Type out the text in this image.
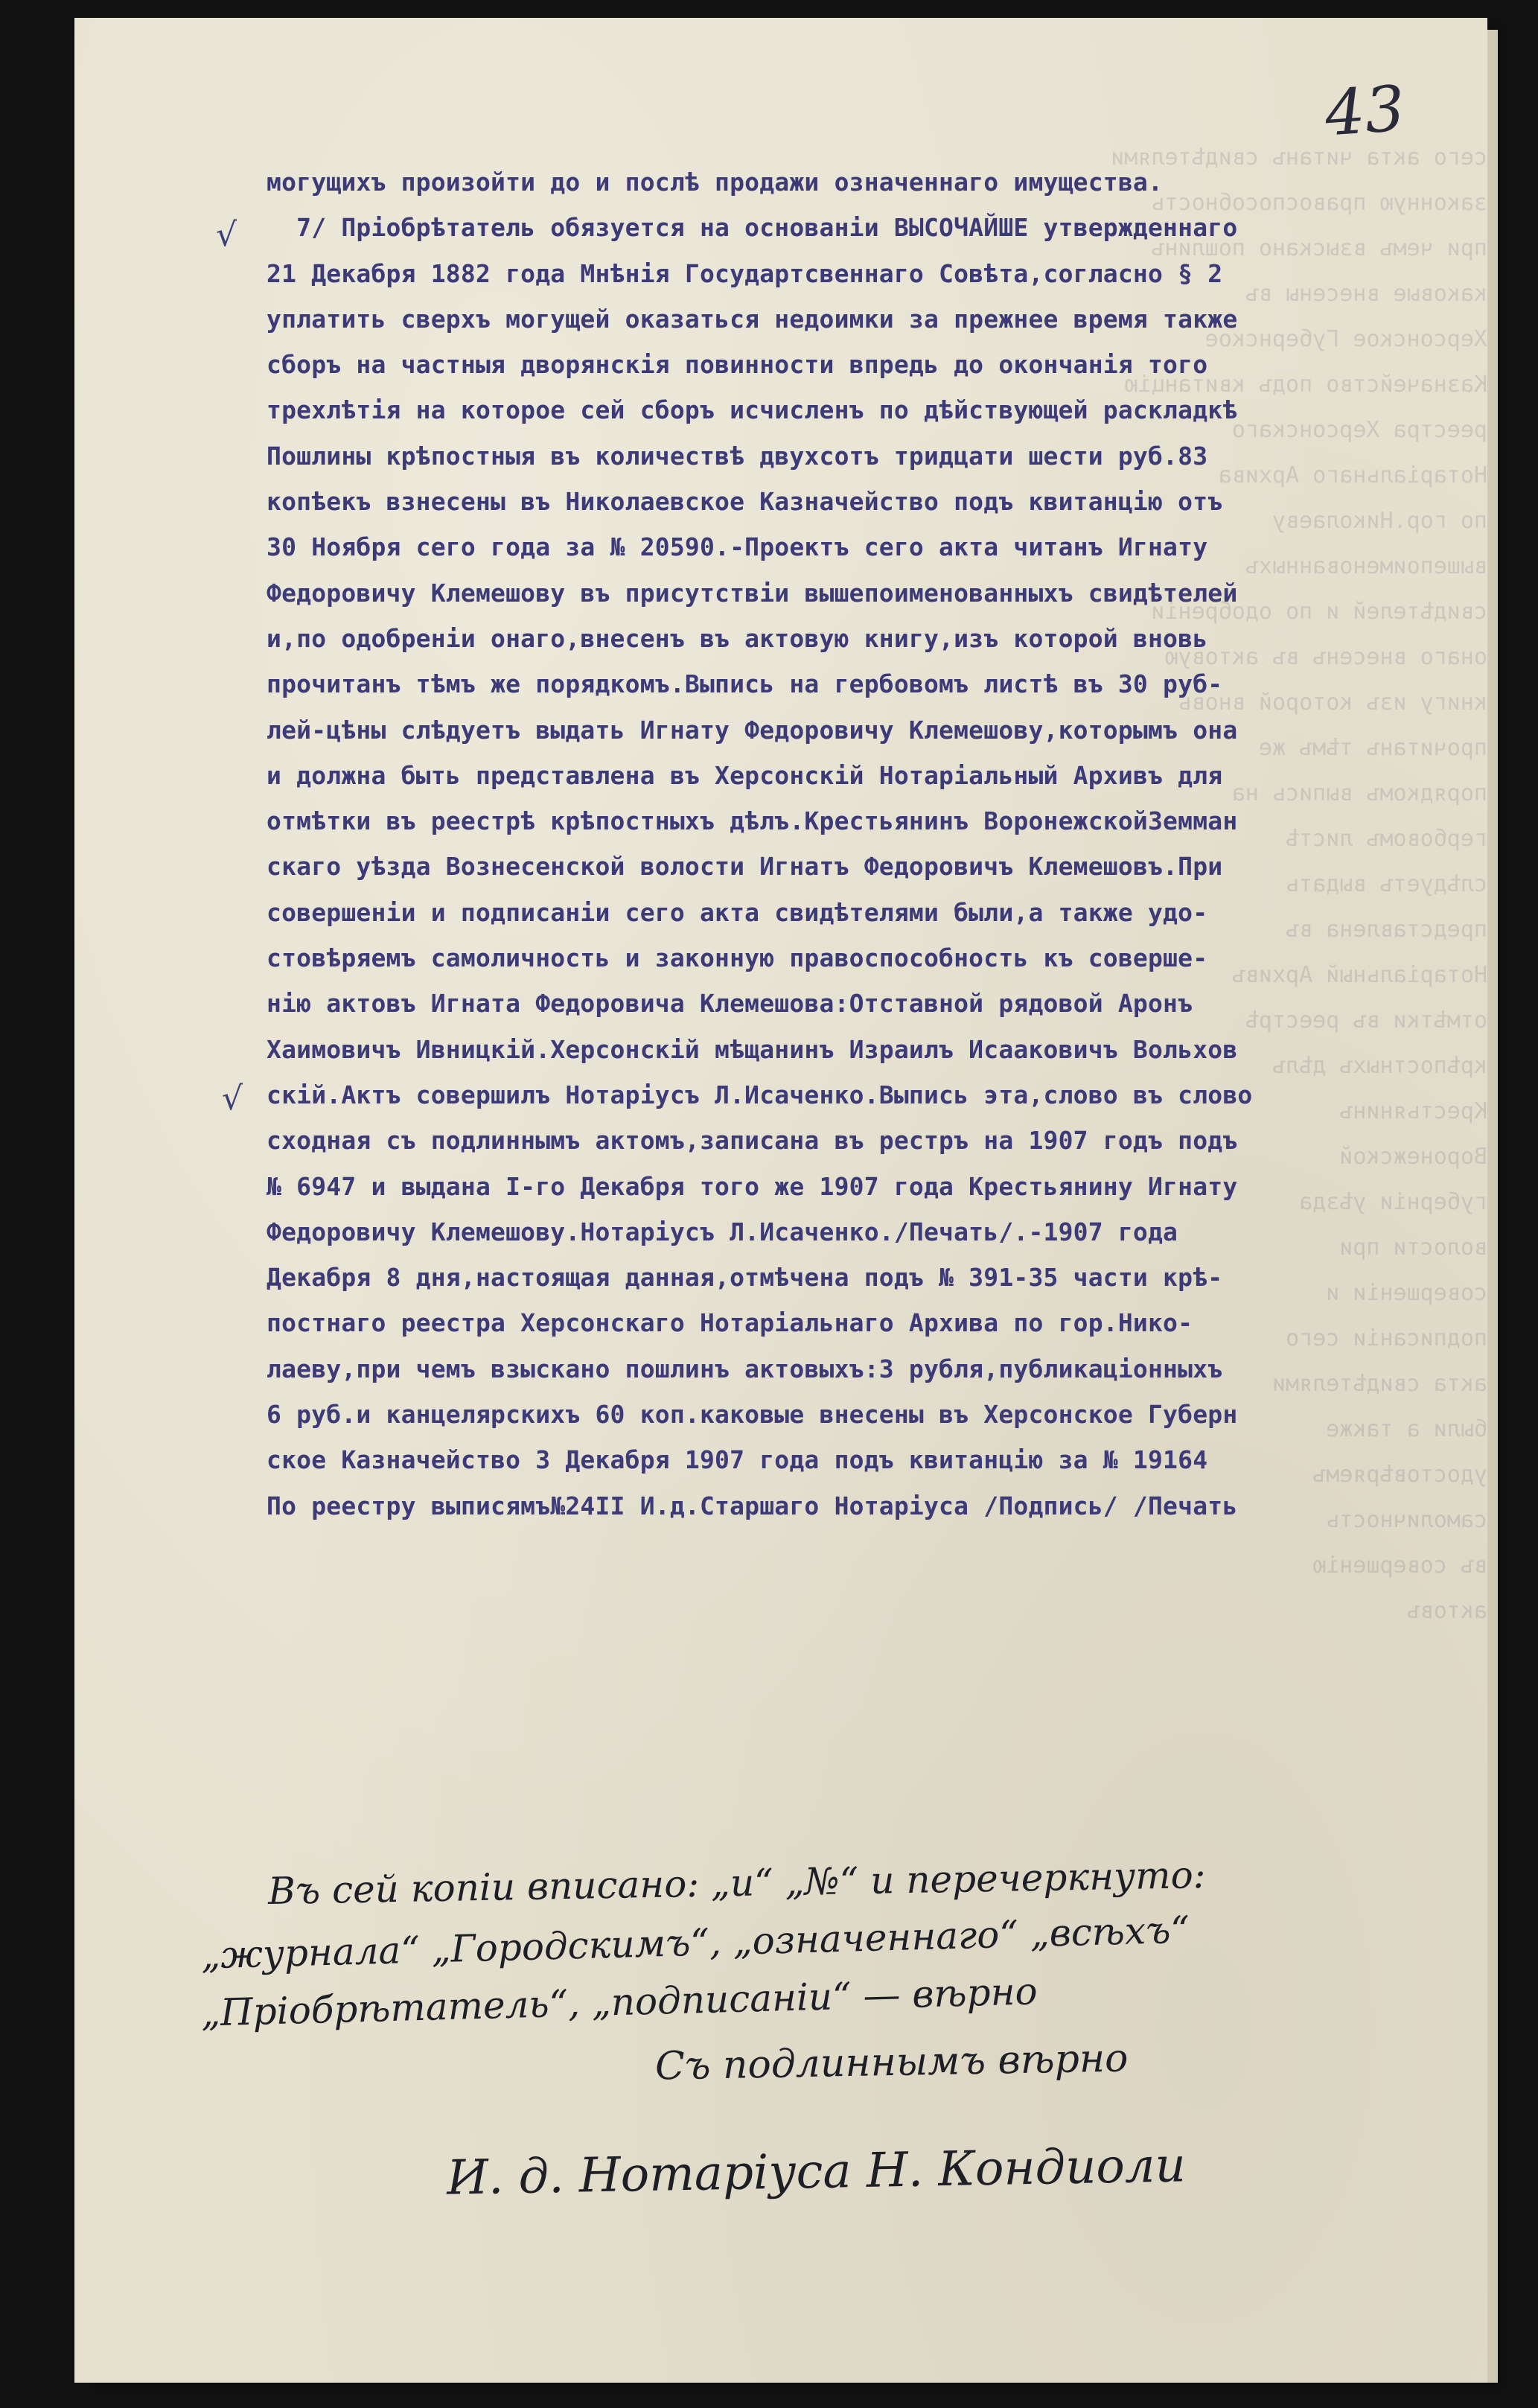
сего акта читанъ
законную правоспособность
при чемъ взыскано пошлинъ
каковые внесены въ
Херсонское Губернское
Казначейство подъ
реестра Херсонскаго
Нотаріальнаго Архива
по гор.Николаеву
вышепоименованныхъ
свидѣтелей и по одобреніи
онаго внесенъ въ актовую
книгу изъ которой вновь
прочитанъ тѣмъ же
порядкомъ выпись на
гербовомъ листѣ
слѣдуетъ выдать
представлена въ
Нотаріальный Архивъ
отмѣтки въ реестрѣ
крѣпостныхъ дѣлъ
Крестьянинъ
Воронежской
губерніи уѣзда
волости при
совершеніи и
подписаніи сего
акта свидѣтелями
были а также
удостовѣряемъ
самоличность
въ совершенію
актовъ

43
√
√
могущихъ произойти до и послѣ продажи означеннаго имущества.
7/ Пріобрѣтатель обязуется на основаніи ВЫСОЧАЙШЕ утвержденнаго
21 Декабря 1882 года Мнѣнія Государтсвеннаго Совѣта,согласно § 2
уплатить сверхъ могущей оказаться недоимки за прежнее время также
сборъ на частныя дворянскія повинности впредь до окончанія того
трехлѣтія на которое сей сборъ исчисленъ по дѣйствующей раскладкѣ
Пошлины крѣпостныя въ количествѣ двухсотъ тридцати шести руб.83
копѣекъ взнесены въ Николаевское Казначейство подъ квитанцію отъ
30 Ноября сего года за № 20590.-Проектъ сего акта читанъ Игнату
Федоровичу Клемешову въ присутствіи вышепоименованныхъ свидѣтелей
и,по одобреніи онаго,внесенъ въ актовую книгу,изъ которой вновь
прочитанъ тѣмъ же порядкомъ.Выпись на гербовомъ листѣ въ 30 руб-
лей-цѣны слѣдуетъ выдать Игнату Федоровичу Клемешову,которымъ она
и должна быть представлена въ Херсонскій Нотаріальный Архивъ для
отмѣтки въ реестрѣ крѣпостныхъ дѣлъ.Крестьянинъ ВоронежскойЗемман
скаго уѣзда Вознесенской волости Игнатъ Федоровичъ Клемешовъ.При
совершеніи и подписаніи сего акта свидѣтелями были,а также удо-
стовѣряемъ самоличность и законную правоспособность къ соверше-
нію актовъ Игната Федоровича Клемешова:Отставной рядовой Аронъ
Хаимовичъ Ивницкій.Херсонскій мѣщанинъ Израилъ Исааковичъ Вольхов
скій.Актъ совершилъ Нотаріусъ Л.Исаченко.Выпись эта,слово въ слово
сходная съ подлиннымъ актомъ,записана въ рестръ на 1907 годъ подъ
№ 6947 и выдана I-го Декабря того же 1907 года Крестьянину Игнату
Федоровичу Клемешову.Нотаріусъ Л.Исаченко./Печать/.-1907 года
Декабря 8 дня,настоящая данная,отмѣчена подъ № 391-35 части крѣ-
постнаго реестра Херсонскаго Нотаріальнаго Архива по гор.Нико-
лаеву,при чемъ взыскано пошлинъ актовыхъ:3 рубля,публикаціонныхъ
6 руб.и канцелярскихъ 60 коп.каковые внесены въ Херсонское Губерн
ское Казначейство 3 Декабря 1907 года подъ квитанцію за № 19164
По реестру выписямъ№24II И.д.Старшаго Нотаріуса /Подпись/ /Печать
Въ сей копіи вписано: „и“ „№“ и перечеркнуто:
„журнала“ „Городскимъ“, „означеннаго“ „всѣхъ“
„Пріобрѣтатель“, „подписаніи“ — вѣрно
Съ подлиннымъ вѣрно
И. д. Нотаріуса Н. Кондиоли
